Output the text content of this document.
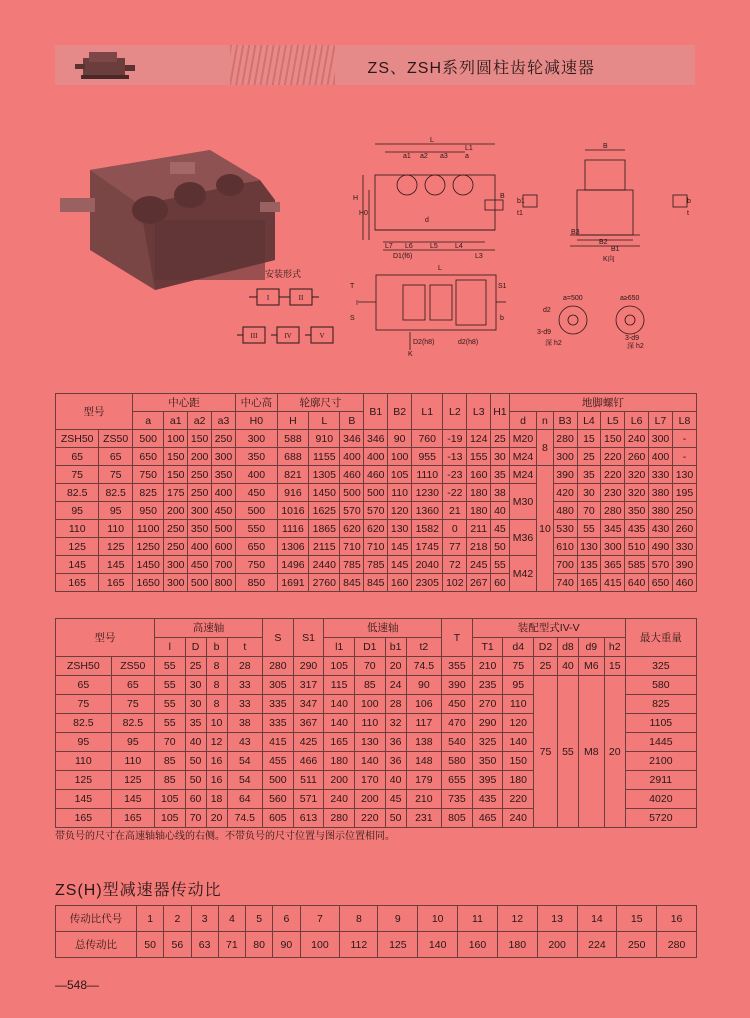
ZS、ZSH系列圆柱齿轮减速器
安装形式
I	II
III	IV	V
L
L1
a1 a2 a3 a
H
H0
B
d
L7 L6 L5 L4
L3
B
b1
t1
b
t
B3
B2
B1
K向
D1(f6)
T
S
S1
b
D2(h8)	d2(h8)
K
L
I
a=500	a≥650
d2
3-d9
3-d9
深 h2	深 h2
型号		中心距				中心高	轮廓尺寸			B1	B2	L1	L2	L3	H1	地脚螺钉							
		a	a1	a2	a3	H0	H	L	B							d	n	B3	L4	L5	L6	L7	L8
ZSH50	ZS50	500	100	150	250	300	588	910	346	346	90	760	-19	124	25	M20	8	280	15	150	240	300	-
65	65	650	150	200	300	350	688	1155	400	400	100	955	-13	155	30	M24		300	25	220	260	400	-
75	75	750	150	250	350	400	821	1305	460	460	105	1110	-23	160	35	M24	10	390	35	220	320	330	130
82.5	82.5	825	175	250	400	450	916	1450	500	500	110	1230	-22	180	38	M30		420	30	230	320	380	195
95	95	950	200	300	450	500	1016	1625	570	570	120	1360	21	180	40			480	70	280	350	380	250
110	110	1100	250	350	500	550	1116	1865	620	620	130	1582	0	211	45	M36		530	55	345	435	430	260
125	125	1250	250	400	600	650	1306	2115	710	710	145	1745	77	218	50			610	130	300	510	490	330
145	145	1450	300	450	700	750	1496	2440	785	785	145	2040	72	245	55	M42		700	135	365	585	570	390
165	165	1650	300	500	800	850	1691	2760	845	845	160	2305	102	267	60			740	165	415	640	650	460
型号		高速轴				S	S1	低速轴				T	装配型式IV-V						最大重量
		l	D	b	t			l1	D1	b1	t2		T1	d4	D2	d8	d9	h2	
ZSH50	ZS50	55	25	8	28	280	290	105	70	20	74.5	355	210	75	25	40	M6	15	325
65	65	55	30	8	33	305	317	115	85	24	90	390	235	95	75	55	M8	20	580
75	75	55	30	8	33	335	347	140	100	28	106	450	270	110					825
82.5	82.5	55	35	10	38	335	367	140	110	32	117	470	290	120					1105
95	95	70	40	12	43	415	425	165	130	36	138	540	325	140					1445
110	110	85	50	16	54	455	466	180	140	36	148	580	350	150					2100
125	125	85	50	16	54	500	511	200	170	40	179	655	395	180					2911
145	145	105	60	18	64	560	571	240	200	45	210	735	435	220					4020
165	165	105	70	20	74.5	605	613	280	220	50	231	805	465	240					5720
带负号的尺寸在高速轴轴心线的右侧。不带负号的尺寸位置与图示位置相同。
ZS(H)型减速器传动比
传动比代号	1	2	3	4	5	6	7	8	9	10	11	12	13	14	15	16
总传动比	50	56	63	71	80	90	100	112	125	140	160	180	200	224	250	280
—548—
